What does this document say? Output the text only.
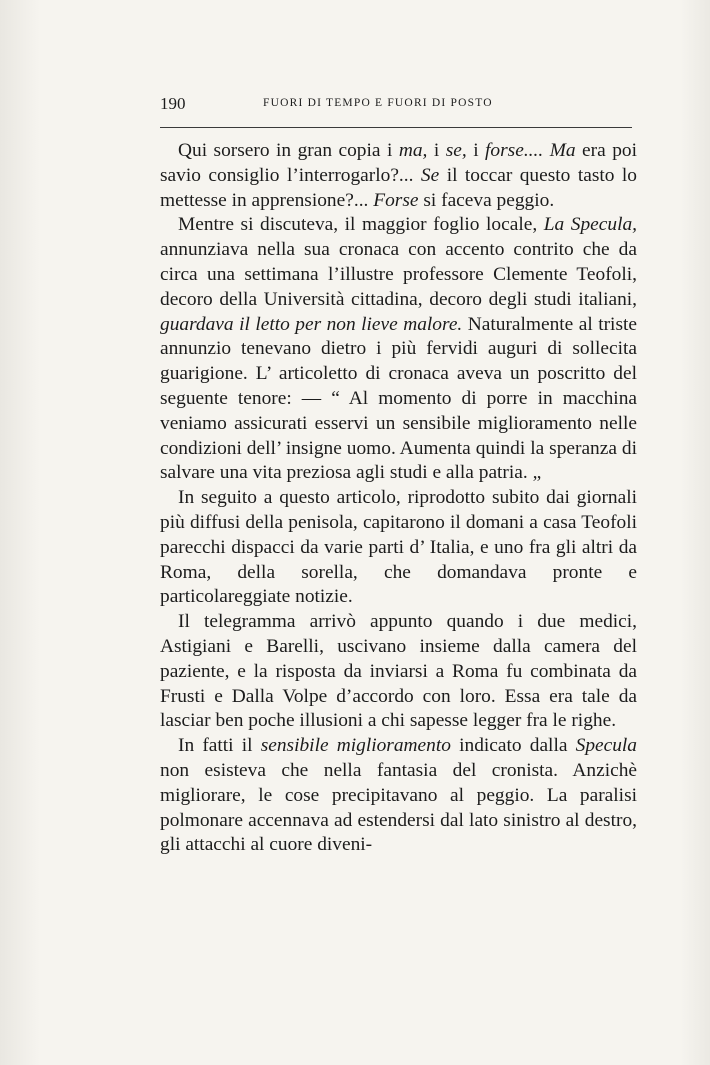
190	FUORI DI TEMPO E FUORI DI POSTO

Qui sorsero in gran copia i ma, i se, i forse.... Ma era poi savio consiglio l’interrogarlo?... Se il toccar questo tasto lo mettesse in apprensione?... Forse si faceva peggio.

Mentre si discuteva, il maggior foglio locale, La Specula, annunziava nella sua cronaca con accento contrito che da circa una settimana l’illustre professore Clemente Teofoli, decoro della Università cittadina, decoro degli studi italiani, guardava il letto per non lieve malore. Naturalmente al triste annunzio tenevano dietro i più fervidi auguri di sollecita guarigione. L’ articoletto di cronaca aveva un poscritto del seguente tenore: — “ Al momento di porre in macchina veniamo assicurati esservi un sensibile miglioramento nelle condizioni dell’ insigne uomo. Aumenta quindi la speranza di salvare una vita preziosa agli studi e alla patria. „

In seguito a questo articolo, riprodotto subito dai giornali più diffusi della penisola, capitarono il domani a casa Teofoli parecchi dispacci da varie parti d’ Italia, e uno fra gli altri da Roma, della sorella, che domandava pronte e particolareggiate notizie.

Il telegramma arrivò appunto quando i due medici, Astigiani e Barelli, uscivano insieme dalla camera del paziente, e la risposta da inviarsi a Roma fu combinata da Frusti e Dalla Volpe d’accordo con loro. Essa era tale da lasciar ben poche illusioni a chi sapesse legger fra le righe.

In fatti il sensibile miglioramento indicato dalla Specula non esisteva che nella fantasia del cronista. Anzichè migliorare, le cose precipitavano al peggio. La paralisi polmonare accennava ad estendersi dal lato sinistro al destro, gli attacchi al cuore diveni-
